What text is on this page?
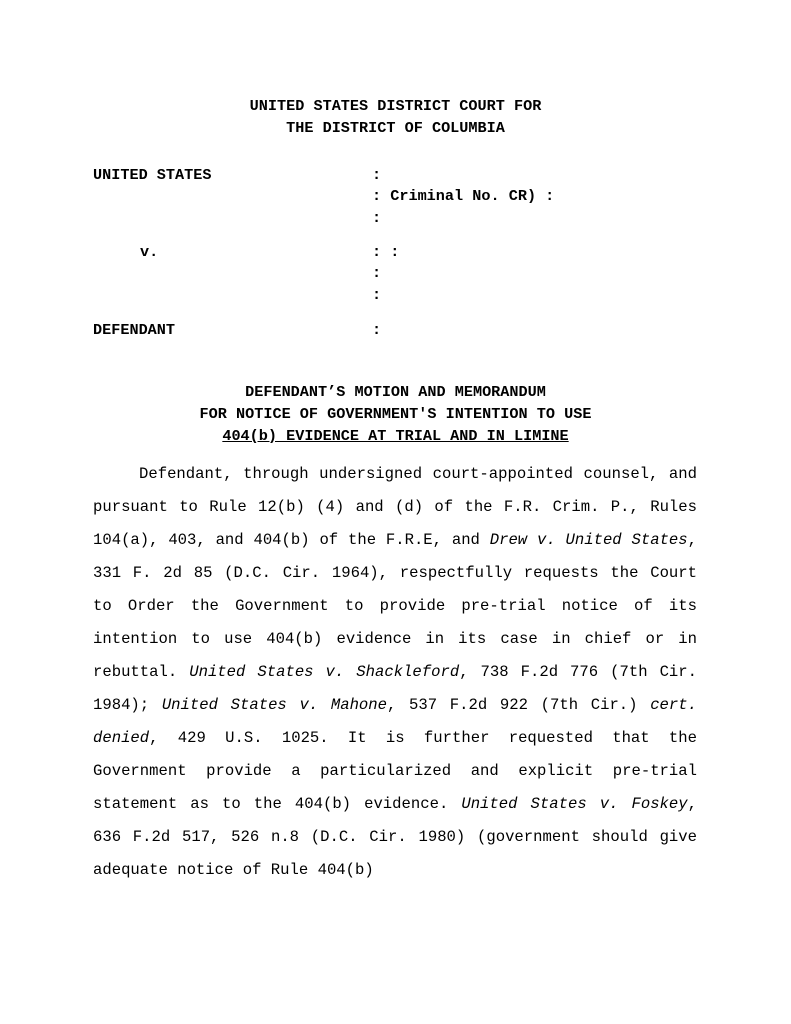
UNITED STATES DISTRICT COURT FOR
THE DISTRICT OF COLUMBIA
UNITED STATES
v.
DEFENDANT
:
: Criminal No. CR) :
:
: :
:
:
:
DEFENDANT’S MOTION AND MEMORANDUM
FOR NOTICE OF GOVERNMENT'S INTENTION TO USE
404(b) EVIDENCE AT TRIAL AND IN LIMINE

Defendant, through undersigned court-appointed counsel, and pursuant to Rule 12(b) (4) and (d) of the F.R. Crim. P., Rules 104(a), 403, and 404(b) of the F.R.E, and Drew v. United States, 331 F. 2d 85 (D.C. Cir. 1964), respectfully requests the Court to Order the Government to provide pre-trial notice of its intention to use 404(b) evidence in its case in chief or in rebuttal. United States v. Shackleford, 738 F.2d 776 (7th Cir. 1984); United States v. Mahone, 537 F.2d 922 (7th Cir.) cert. denied, 429 U.S. 1025. It is further requested that the Government provide a particularized and explicit pre-trial statement as to the 404(b) evidence. United States v. Foskey, 636 F.2d 517, 526 n.8 (D.C. Cir. 1980) (government should give adequate notice of Rule 404(b)
